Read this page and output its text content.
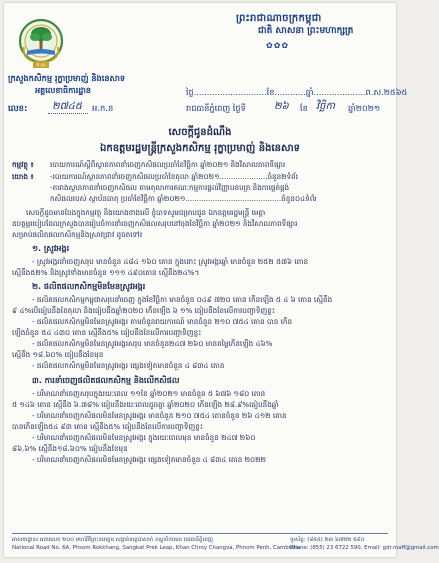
ក.ស
ក្រសួងកសិកម្ម រុក្ខាប្រមាញ់ និងនេសាទ
អគ្គលេខាធិការដ្ឋាន
ព្រះរាជាណាចក្រកម្ពុជា
ជាតិ សាសនា ព្រះមហាក្សត្រ
✿✿✿
លេខ: ២៧៤៥ អ.ក.ន
ថ្ងៃ............................ខែ............ឆ្នាំ....................ព.ស.២៥៦៥
រាជធានីភ្នំពេញ ថ្ងៃទី	២៦ ខែ វិច្ឆិកា ឆ្នាំ២០២១
សេចក្តីជូនដំណឹង
ឯកឧត្តមរដ្ឋមន្ត្រីក្រសួងកសិកម្ម រុក្ខាប្រមាញ់ និងនេសាទ
កម្មវត្ថុ ៖ របាយការណ៍ស្តីពីស្ថានភាពនាំចេញកសិផលប្រចាំខែវិច្ឆិកា ឆ្នាំ២០២១ និងវិសាលភាពទីផ្សារ
យោង ៖ -របាយការណ៍ស្ថានភាពនាំចេញកសិផលប្រចាំខែតុលា ឆ្នាំ២០២១.....................ចំនួន២ទំព័រ
-តារាងស្ថានភាពនាំចេញកសិផល តាមតុលាការគណៈកម្មការផ្តល់វិញ្ញាបនបត្រ និងការផ្គត់ផ្គង់
កសិផលរបស់ ស្ថាប័នធាតុ ប្រចាំខែវិច្ឆិកា ឆ្នាំ២០២១..........................................ចំនួន០៤ទំព័រ
សេចក្តីដូចមានចែងក្នុងកម្មវត្ថុ និងយោងខាងលើ ខ្ញុំបាទសូមជម្រាបជូន ឯកឧត្តមរដ្ឋមន្ត្រី មេត្តា
ឧបត្ថម្ភរបៀបដែលក្រសួងបានរៀបចំការនាំចេញកសិផលសរុបនៅចុងខែវិច្ឆិកា ឆ្នាំ២០២១ និងវិសាលភាពទីផ្សារ
សម្រាប់ផលិតផលកសិកម្មនិងស្រាវជ្រាវ ដូចតទៅ៖
១. ស្រូវអង្ករ
- ស្រូវអង្ករនាំចេញសរុប មានចំនួន ៤៨៤ ១៦០ តោន ក្នុងនោះ ស្រូវអង្ករឆ្នាំ មានចំនួន ២៥២ ៥៧៦ តោន
ស្មើនឹង៥២% និងស្រូវទាំងមានចំនួន ១១១ ៤៩០តោន ស្មើនឹង២៤%។
២. ផលិតផលកសិកម្មមិនមែនស្រូវអង្ករ
- ផលិតផលកសិកម្មកម្ពុជាសរុបនាំចេញ ក្នុងខែវិច្ឆិកា មានចំនួន ០៤៩ ៧២០ តោន កើនឡើង ៥ ៤ ៦ តោន ស្មើនឹង
៩ ៤%បើធៀបនឹងខែតុលា និងធៀបនឹងឆ្នាំ២០២០ កើនឡើង ៦ ១% ធៀបនឹងខែលើការបញ្ជាទិញខ្លះ
- ផលិតផលកសិកម្មមិនមែនស្រូវអង្ករ តាមចំនួនរាយការណ៍ មានចំនួន ២១០ ៧៥៤ តោន បាន កើន
ឡើងចំនួន ៥៤ ៤៣០ តោន ស្មើនឹង៥% ធៀបនឹងខែលើការបញ្ជាទិញខ្លះ
- ផលិតផលកសិកម្មមិនមែនស្រូវអង្ករសរុប មានចំនួន២៤៧ ២៦០ មានតម្លៃកើនឡើង ៤៦%
ស្មើនឹង ១៨.៦០% ធៀបនឹងខែមុន
- ផលិតផលកសិកម្មមិនមែនស្រូវអង្ករ ផ្សេងទៀតមានចំនួន ៤ ៨៣៤ តោន
៣. ការនាំចេញផលិតផលកសិកម្ម និងលើកសិផល
- បរិមាណនាំចេញសរុបក្នុងរយៈពេល ១១ខែ ឆ្នាំ២០២១ មានចំនួន ៥ ៦៧៦ ១៨០ តោន
៥ ១៤៦ តោន ស្មើនឹង ៦.៧៨% ធៀបនឹងរយៈពេលដូចគ្នា ឆ្នាំ២០២០ កើនឡើង ២៨.៩%ធៀបនឹងឆ្នាំ
- បរិមាណនាំចេញកសិផលមិនមែនស្រូវអង្ករ មានចំនួន ២១០ ៧៥៤ តោនចំនួន ២៦ ៤១២ តោន
បានកើនឡើង៥៤ ៩៣ តោន ស្មើនឹង៥% ធៀបនឹងខែលើការបញ្ជាទិញខ្លះ
- បរិមាណនាំចេញកសិផលមិនមែនស្រូវអង្ករ ក្នុងរយៈពេលមុន មានចំនួន ២៤៧ ២៦០
៨៦.៦% ស្មើនឹង១៨.៦០% ធៀបនឹងខែមុន
- បរិមាណនាំចេញកសិផលមិនមែនស្រូវអង្ករ ផ្សេងទៀតមានចំនួន ៤ ៨៣៤ តោន ២០២២
អាសយដ្ឋាន៖ អគារលេខ ២០០ មហាវិថីព្រះនរោត្តម សង្កាត់ទន្លេបាសាក់ ខណ្ឌចំការមន រាជធានីភ្នំពេញ
National Road No. 6A, Phsom Rokkhang, Sangkat Prek Leap, Khan Chroy Changva, Phnom Penh, Cambodia
ទូរស័ព្ទ: (៨៥៥) ២៣ ៦៧២២ ៥៩០
Phone: (855) 23 6722 590, Email: gdr.maff@gmail.com
